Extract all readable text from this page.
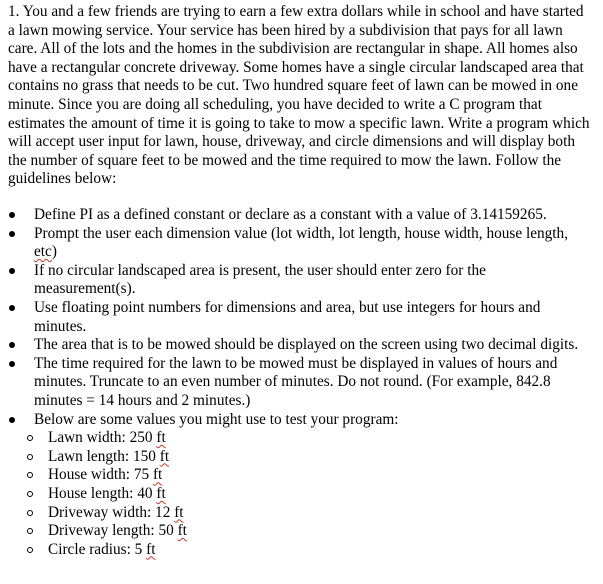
1. You and a few friends are trying to earn a few extra dollars while in school and have started a lawn mowing service. Your service has been hired by a subdivision that pays for all lawn care. All of the lots and the homes in the subdivision are rectangular in shape. All homes also have a rectangular concrete driveway. Some homes have a single circular landscaped area that contains no grass that needs to be cut. Two hundred square feet of lawn can be mowed in one minute. Since you are doing all scheduling, you have decided to write a C program that estimates the amount of time it is going to take to mow a specific lawn. Write a program which will accept user input for lawn, house, driveway, and circle dimensions and will display both the number of square feet to be mowed and the time required to mow the lawn. Follow the guidelines below:

Define PI as a defined constant or declare as a constant with a value of 3.14159265.
Prompt the user each dimension value (lot width, lot length, house width, house length, etc)
If no circular landscaped area is present, the user should enter zero for the measurement(s).
Use floating point numbers for dimensions and area, but use integers for hours and minutes.
The area that is to be mowed should be displayed on the screen using two decimal digits.
The time required for the lawn to be mowed must be displayed in values of hours and minutes. Truncate to an even number of minutes. Do not round. (For example, 842.8 minutes = 14 hours and 2 minutes.)
Below are some values you might use to test your program:
Lawn width: 250 ft
Lawn length: 150 ft
House width: 75 ft
House length: 40 ft
Driveway width: 12 ft
Driveway length: 50 ft
Circle radius: 5 ft
